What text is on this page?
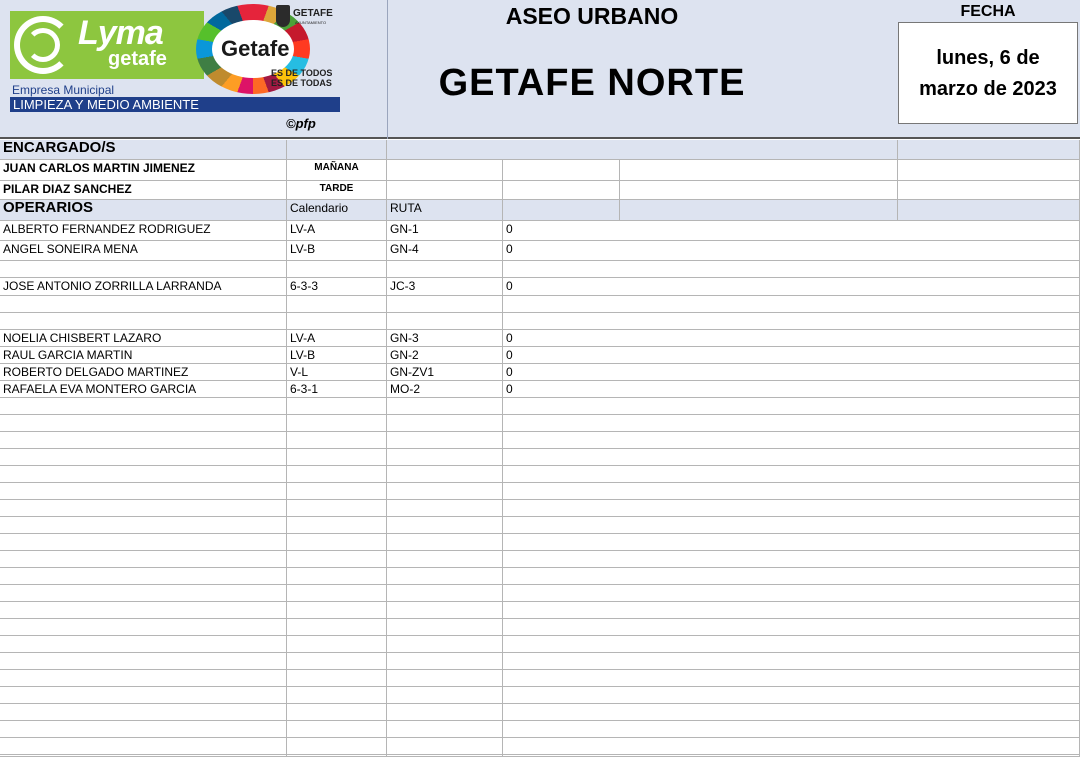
Lyma
getafe Getafe
GETAFE
AYUNTAMIENTO
ES DE TODOS
ES DE TODAS
Empresa Municipal
LIMPIEZA Y MEDIO AMBIENTE
©pfp
ASEO URBANO
GETAFE NORTE
FECHA
lunes, 6 de
marzo de 2023
ENCARGADO/S
JUAN CARLOS MARTIN JIMENEZ	MAÑANA
PILAR DIAZ SANCHEZ	TARDE
OPERARIOS	Calendario	RUTA
ALBERTO FERNANDEZ RODRIGUEZ	LV-A	GN-1	0
ANGEL SONEIRA MENA	LV-B	GN-4	0
JOSE ANTONIO ZORRILLA LARRANDA	6-3-3	JC-3	0
NOELIA CHISBERT LAZARO	LV-A	GN-3	0
RAUL GARCIA MARTIN	LV-B	GN-2	0
ROBERTO DELGADO MARTINEZ	V-L	GN-ZV1	0
RAFAELA EVA MONTERO GARCIA	6-3-1	MO-2	0
